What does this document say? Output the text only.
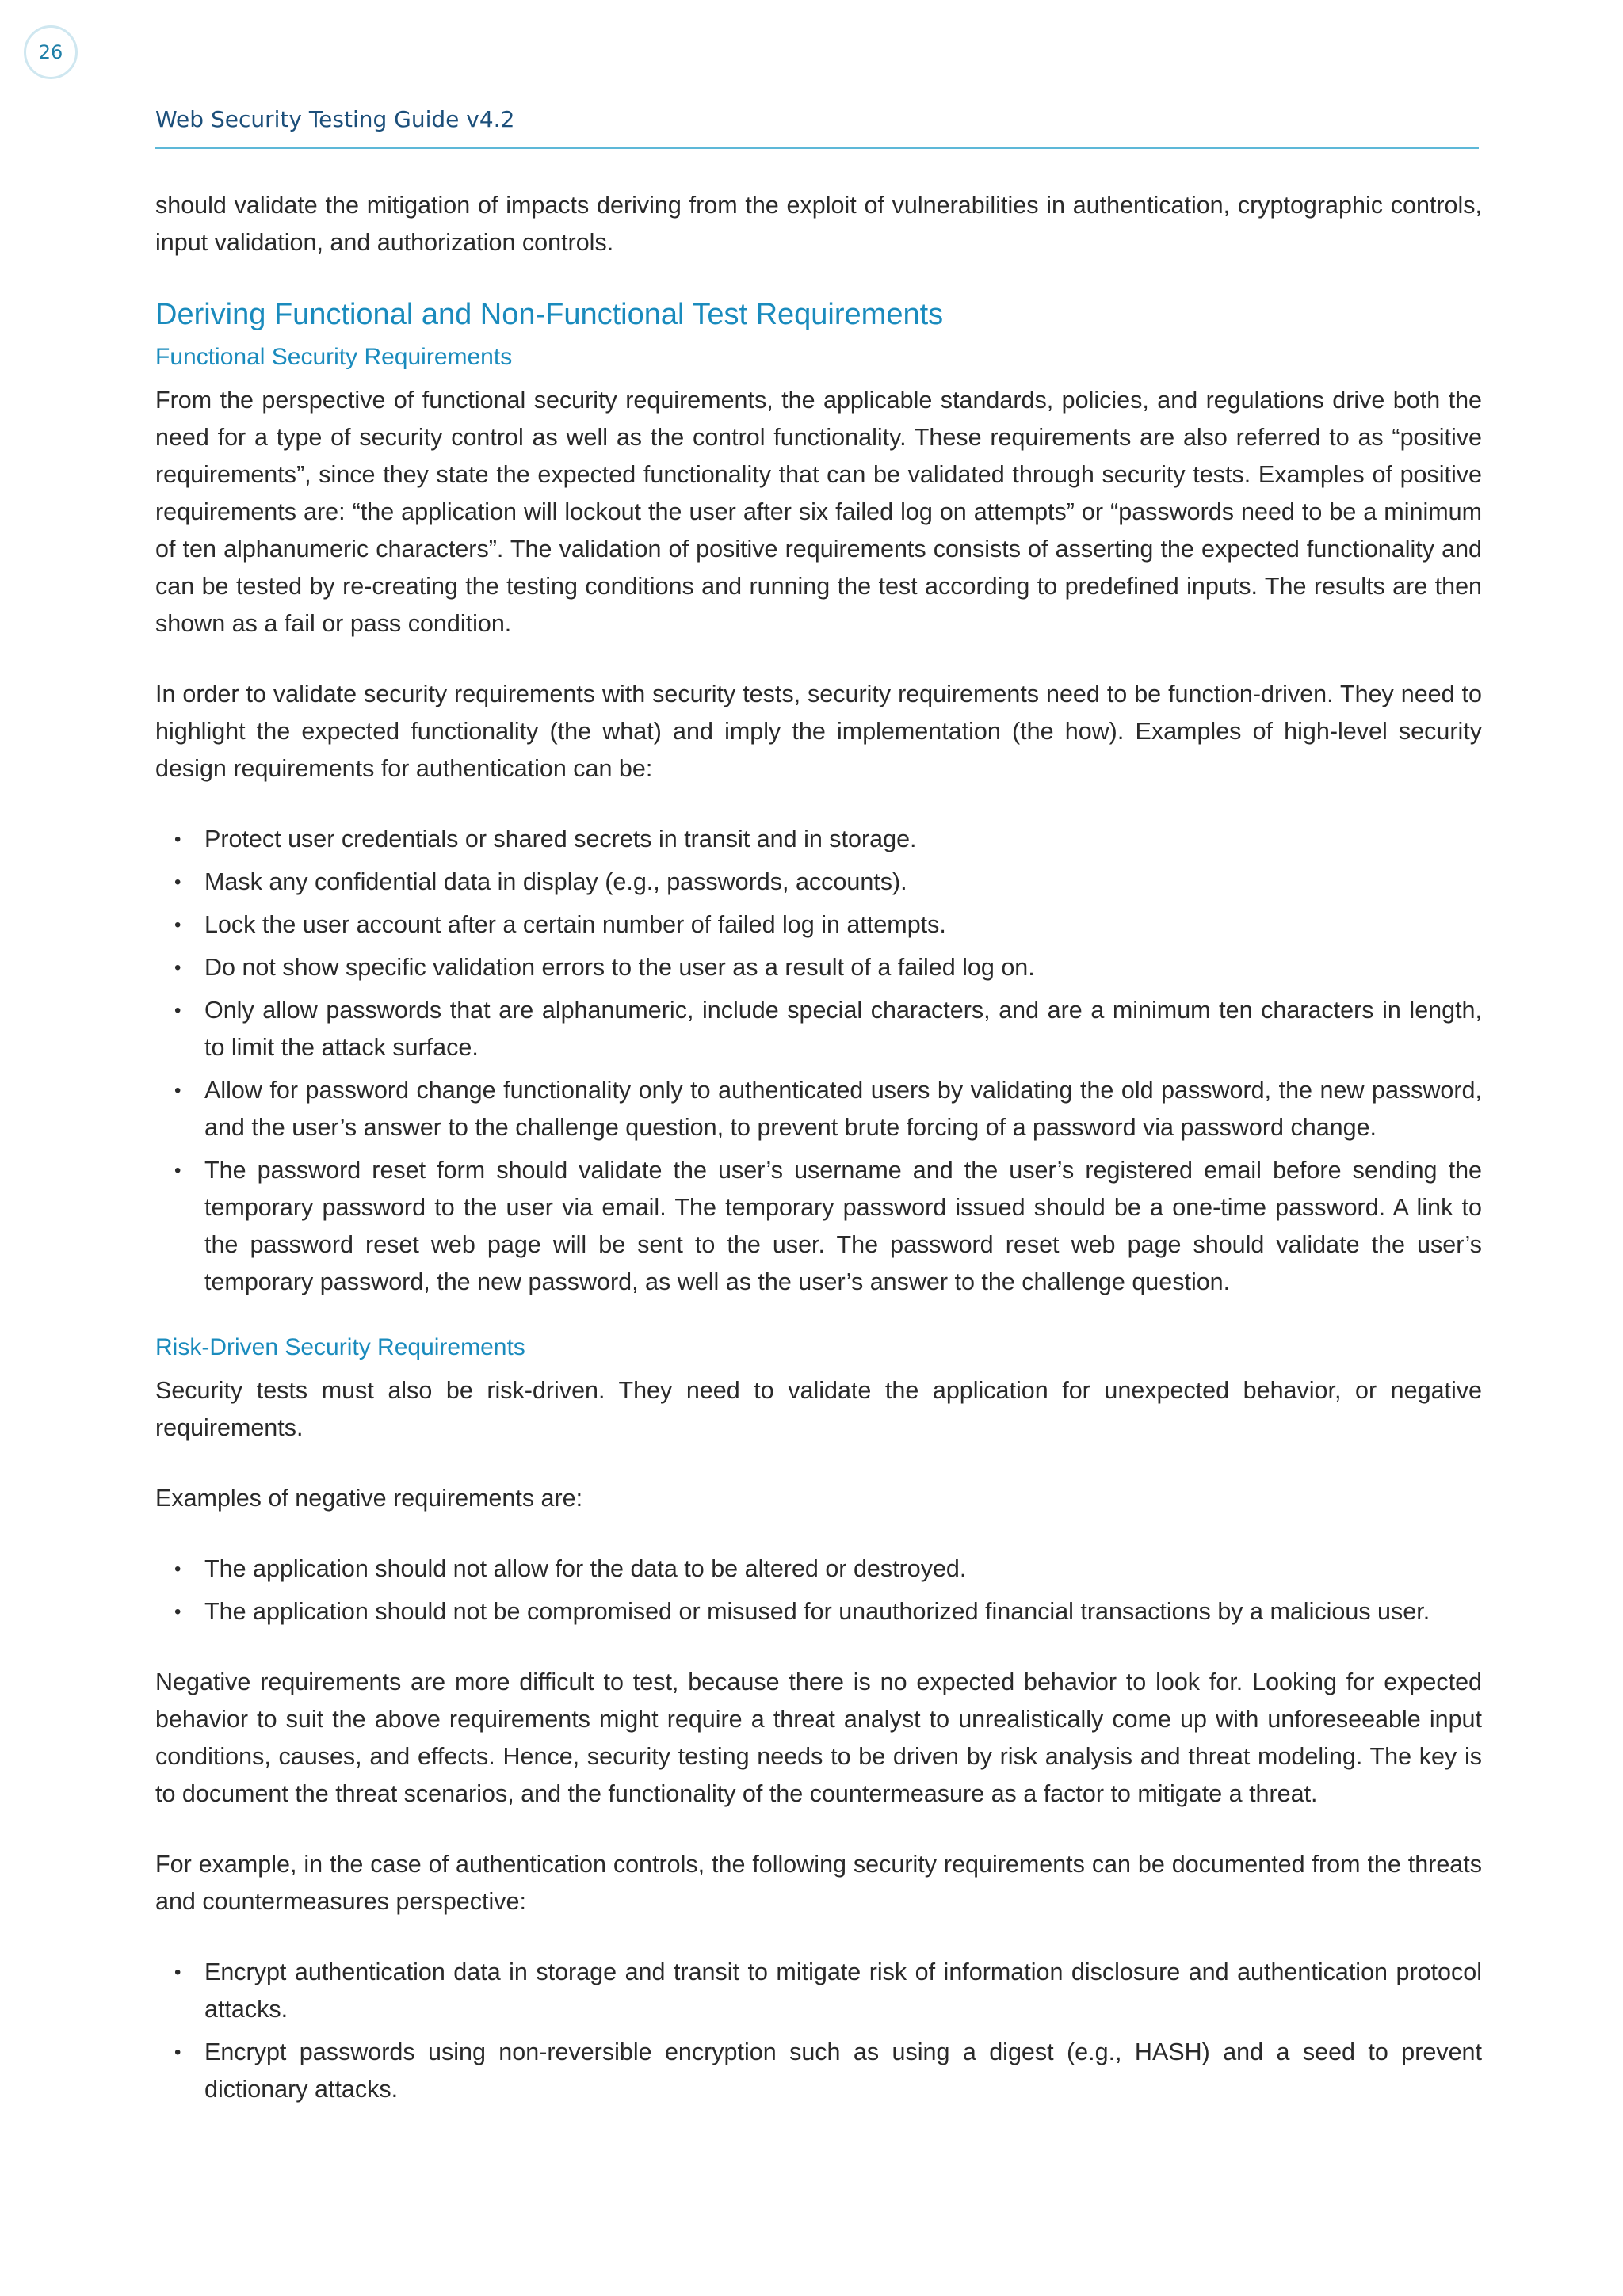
26
Web Security Testing Guide v4.2

should validate the mitigation of impacts deriving from the exploit of vulnerabilities in authentication, cryptographic controls, input validation, and authorization controls.

Deriving Functional and Non-Functional Test Requirements
Functional Security Requirements

From the perspective of functional security requirements, the applicable standards, policies, and regulations drive both the need for a type of security control as well as the control functionality. These requirements are also referred to as “positive requirements”, since they state the expected functionality that can be validated through security tests. Examples of positive requirements are: “the application will lockout the user after six failed log on attempts” or “passwords need to be a minimum of ten alphanumeric characters”. The validation of positive requirements consists of asserting the expected functionality and can be tested by re-creating the testing conditions and running the test according to predefined inputs. The results are then shown as a fail or pass condition.

In order to validate security requirements with security tests, security requirements need to be function-driven. They need to highlight the expected functionality (the what) and imply the implementation (the how). Examples of high-level security design requirements for authentication can be:

• Protect user credentials or shared secrets in transit and in storage.
• Mask any confidential data in display (e.g., passwords, accounts).
• Lock the user account after a certain number of failed log in attempts.
• Do not show specific validation errors to the user as a result of a failed log on.
• Only allow passwords that are alphanumeric, include special characters, and are a minimum ten characters in length, to limit the attack surface.
• Allow for password change functionality only to authenticated users by validating the old password, the new password, and the user’s answer to the challenge question, to prevent brute forcing of a password via password change.
• The password reset form should validate the user’s username and the user’s registered email before sending the temporary password to the user via email. The temporary password issued should be a one-time password. A link to the password reset web page will be sent to the user. The password reset web page should validate the user’s temporary password, the new password, as well as the user’s answer to the challenge question.
Risk-Driven Security Requirements

Security tests must also be risk-driven. They need to validate the application for unexpected behavior, or negative requirements.

Examples of negative requirements are:

• The application should not allow for the data to be altered or destroyed.
• The application should not be compromised or misused for unauthorized financial transactions by a malicious user.

Negative requirements are more difficult to test, because there is no expected behavior to look for. Looking for expected behavior to suit the above requirements might require a threat analyst to unrealistically come up with unforeseeable input conditions, causes, and effects. Hence, security testing needs to be driven by risk analysis and threat modeling. The key is to document the threat scenarios, and the functionality of the countermeasure as a factor to mitigate a threat.

For example, in the case of authentication controls, the following security requirements can be documented from the threats and countermeasures perspective:

• Encrypt authentication data in storage and transit to mitigate risk of information disclosure and authentication protocol attacks.
• Encrypt passwords using non-reversible encryption such as using a digest (e.g., HASH) and a seed to prevent dictionary attacks.
